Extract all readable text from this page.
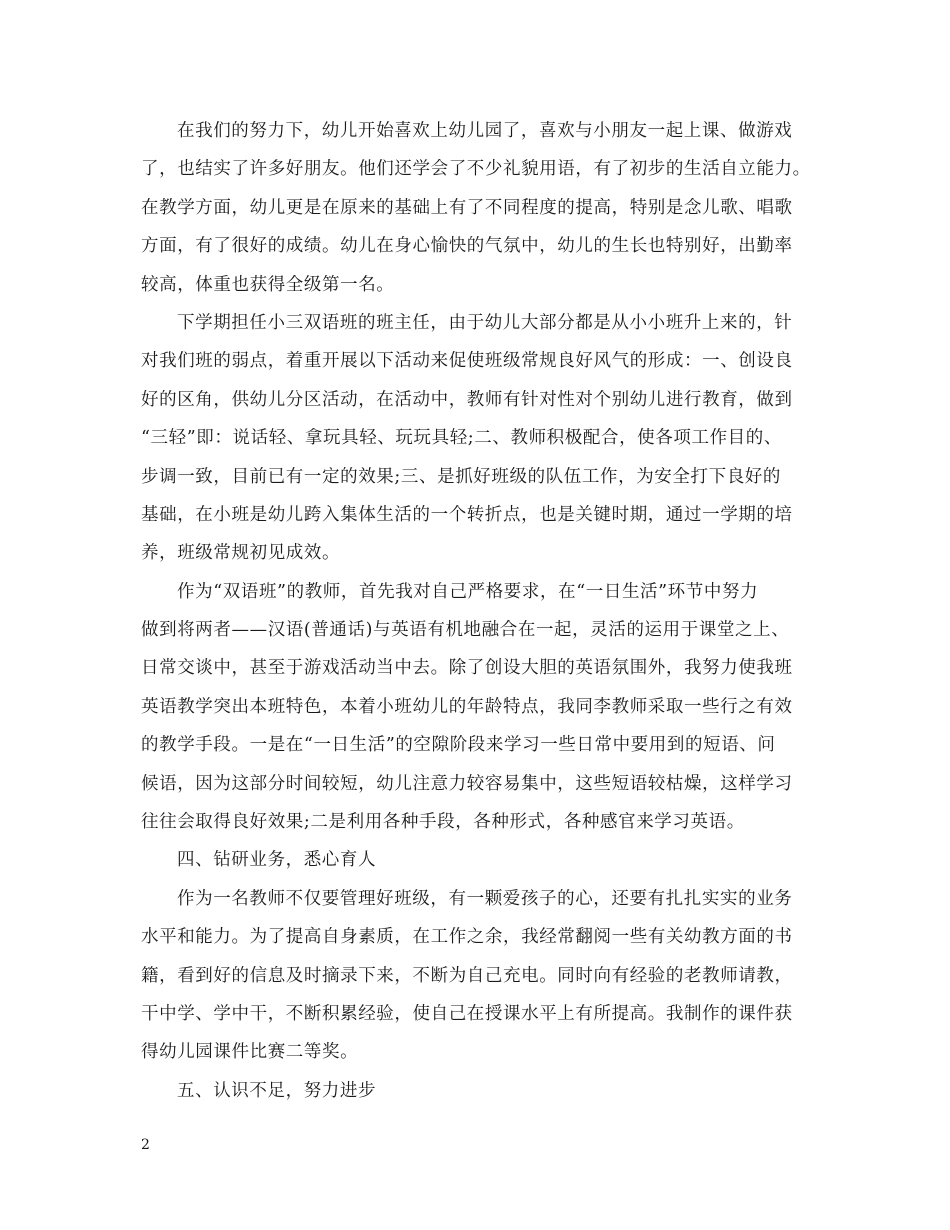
在我们的努力下，幼儿开始喜欢上幼儿园了，喜欢与小朋友一起上课、做游戏
了，也结实了许多好朋友。他们还学会了不少礼貌用语，有了初步的生活自立能力。
在教学方面，幼儿更是在原来的基础上有了不同程度的提高，特别是念儿歌、唱歌
方面，有了很好的成绩。幼儿在身心愉快的气氛中，幼儿的生长也特别好，出勤率
较高，体重也获得全级第一名。
下学期担任小三双语班的班主任，由于幼儿大部分都是从小小班升上来的，针
对我们班的弱点，着重开展以下活动来促使班级常规良好风气的形成：一、创设良
好的区角，供幼儿分区活动，在活动中，教师有针对性对个别幼儿进行教育，做到
“三轻”即：说话轻、拿玩具轻、玩玩具轻;二、教师积极配合，使各项工作目的、
步调一致，目前已有一定的效果;三、是抓好班级的队伍工作，为安全打下良好的
基础，在小班是幼儿跨入集体生活的一个转折点，也是关键时期，通过一学期的培
养，班级常规初见成效。
作为“双语班”的教师，首先我对自己严格要求，在“一日生活”环节中努力
做到将两者——汉语(普通话)与英语有机地融合在一起，灵活的运用于课堂之上、
日常交谈中，甚至于游戏活动当中去。除了创设大胆的英语氛围外，我努力使我班
英语教学突出本班特色，本着小班幼儿的年龄特点，我同李教师采取一些行之有效
的教学手段。一是在“一日生活”的空隙阶段来学习一些日常中要用到的短语、问
候语，因为这部分时间较短，幼儿注意力较容易集中，这些短语较枯燥，这样学习
往往会取得良好效果;二是利用各种手段，各种形式，各种感官来学习英语。
四、钻研业务，悉心育人
作为一名教师不仅要管理好班级，有一颗爱孩子的心，还要有扎扎实实的业务
水平和能力。为了提高自身素质，在工作之余，我经常翻阅一些有关幼教方面的书
籍，看到好的信息及时摘录下来，不断为自己充电。同时向有经验的老教师请教，
干中学、学中干，不断积累经验，使自己在授课水平上有所提高。我制作的课件获
得幼儿园课件比赛二等奖。
五、认识不足，努力进步
2
